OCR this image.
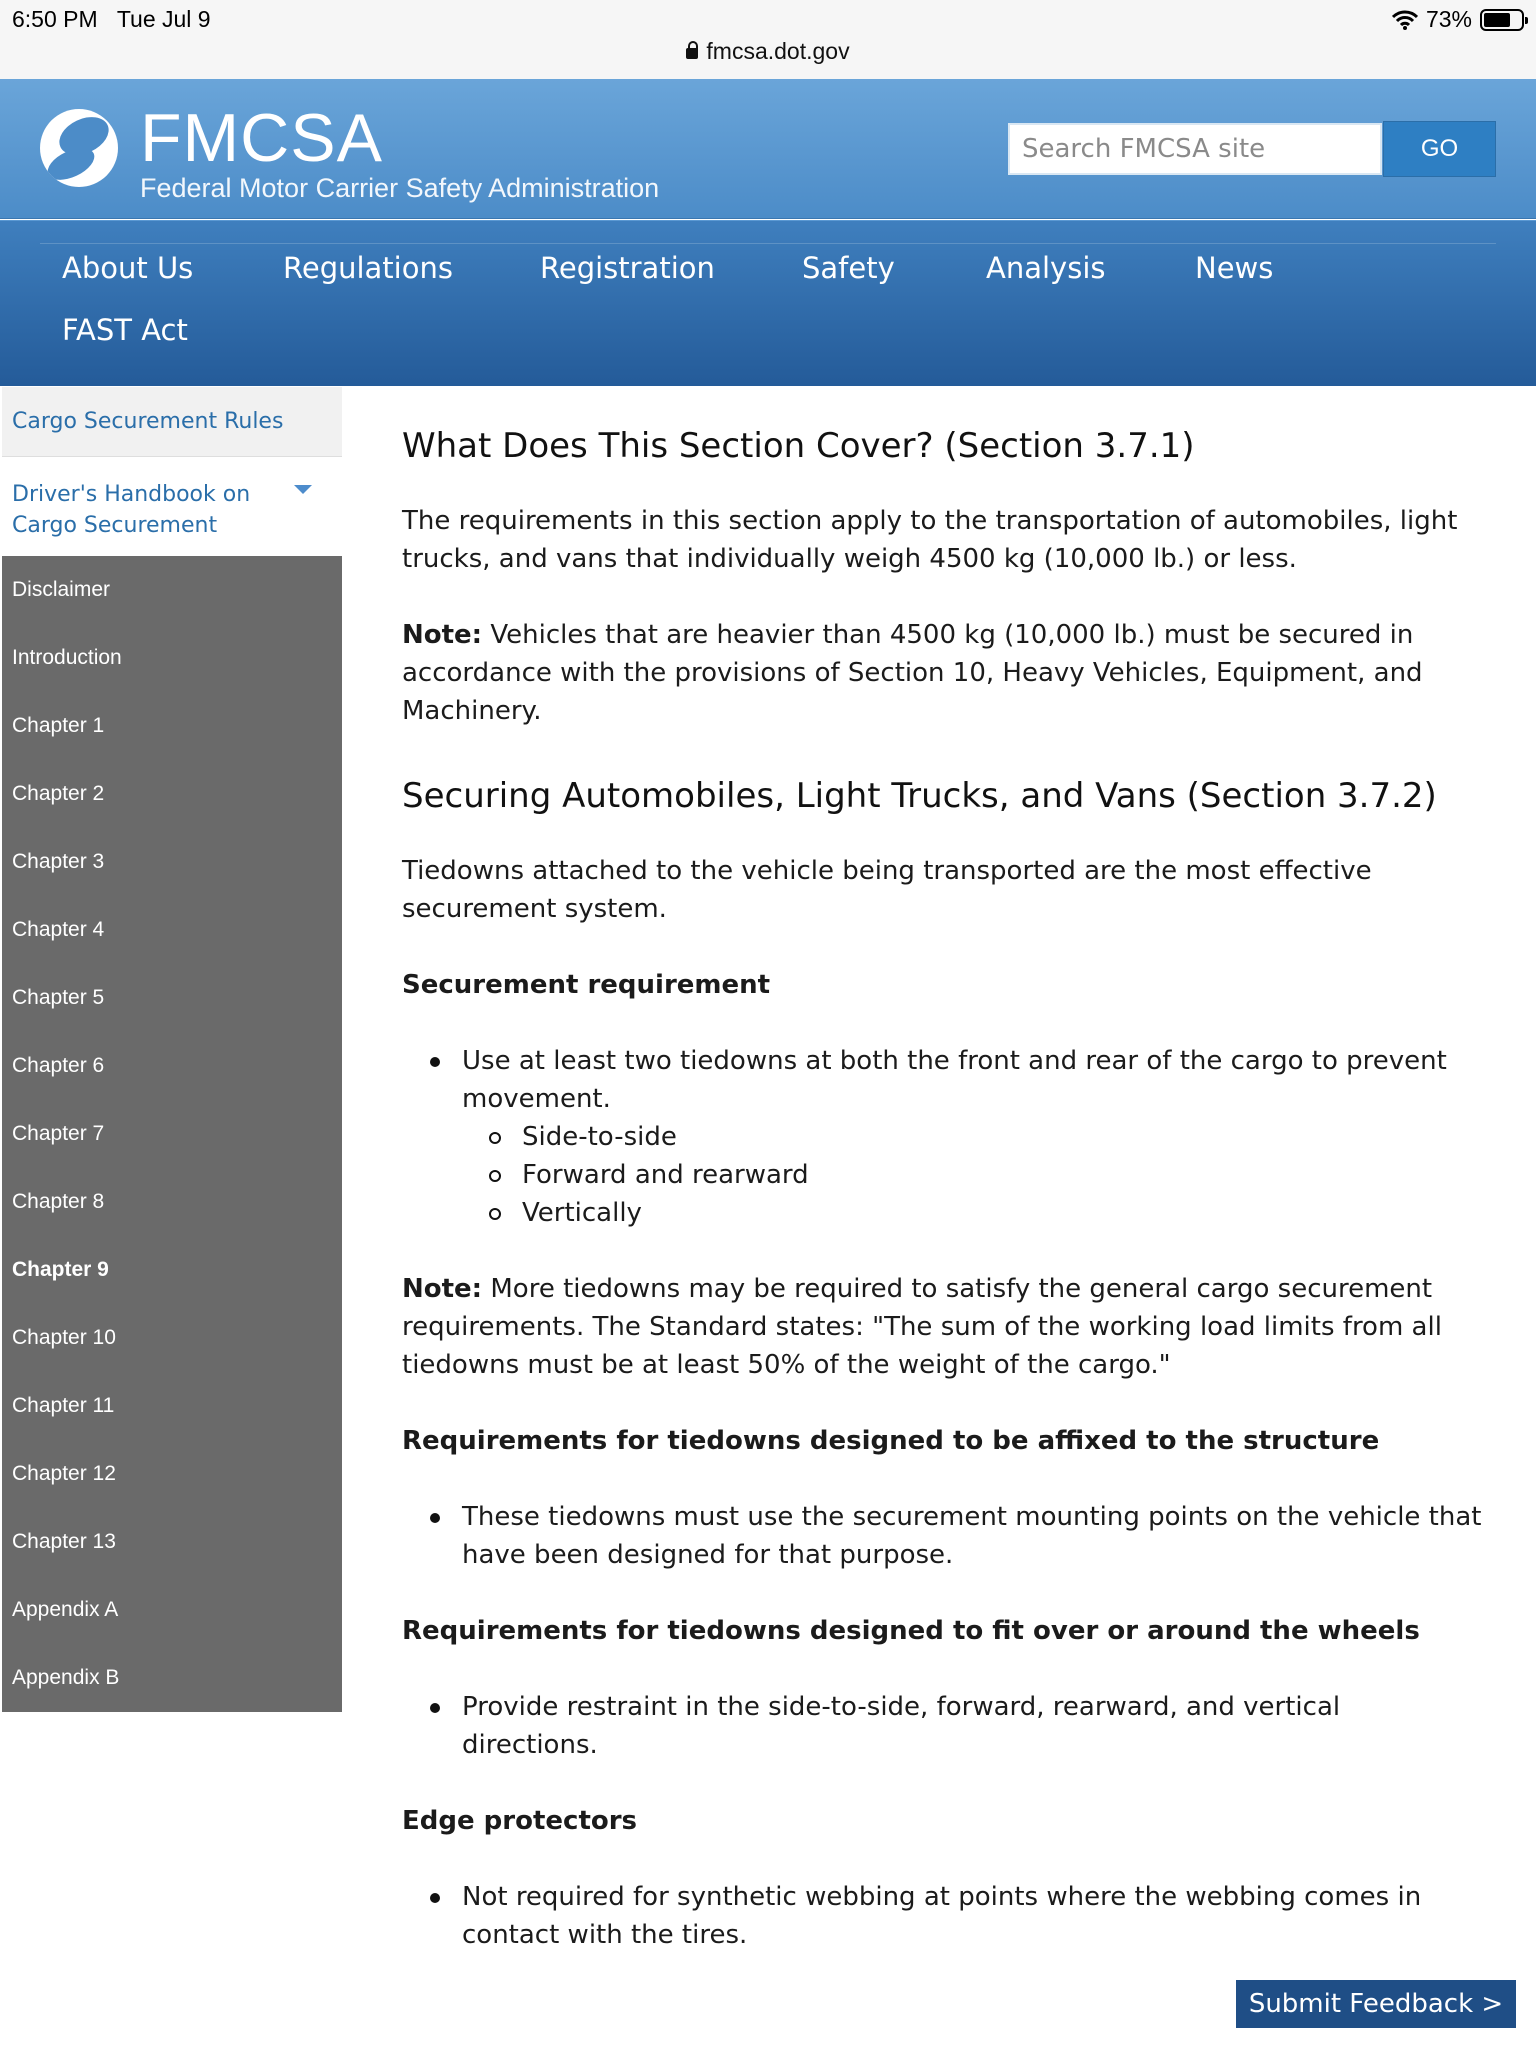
6:50 PM Tue Jul 9	73%
fmcsa.dot.gov
FMCSA
Federal Motor Carrier Safety Administration
Search FMCSA site
GO
About Us	Regulations	Registration	Safety	Analysis	News
FAST Act
Cargo Securement Rules
Driver's Handbook on
Cargo Securement
Disclaimer
Introduction
Chapter 1
Chapter 2
Chapter 3
Chapter 4
Chapter 5
Chapter 6
Chapter 7
Chapter 8
Chapter 9
Chapter 10
Chapter 11
Chapter 12
Chapter 13
Appendix A
Appendix B
What Does This Section Cover? (Section 3.7.1)

The requirements in this section apply to the transportation of automobiles, light trucks, and vans that individually weigh 4500 kg (10,000 lb.) or less.

Note: Vehicles that are heavier than 4500 kg (10,000 lb.) must be secured in accordance with the provisions of Section 10, Heavy Vehicles, Equipment, and Machinery.

Securing Automobiles, Light Trucks, and Vans (Section 3.7.2)

Tiedowns attached to the vehicle being transported are the most effective securement system.

Securement requirement

Use at least two tiedowns at both the front and rear of the cargo to prevent movement.
Side-to-side
Forward and rearward
Vertically

Note: More tiedowns may be required to satisfy the general cargo securement requirements. The Standard states: "The sum of the working load limits from all tiedowns must be at least 50% of the weight of the cargo."

Requirements for tiedowns designed to be affixed to the structure

These tiedowns must use the securement mounting points on the vehicle that have been designed for that purpose.

Requirements for tiedowns designed to fit over or around the wheels

Provide restraint in the side-to-side, forward, rearward, and vertical directions.

Edge protectors

Not required for synthetic webbing at points where the webbing comes in contact with the tires.
Submit Feedback >
